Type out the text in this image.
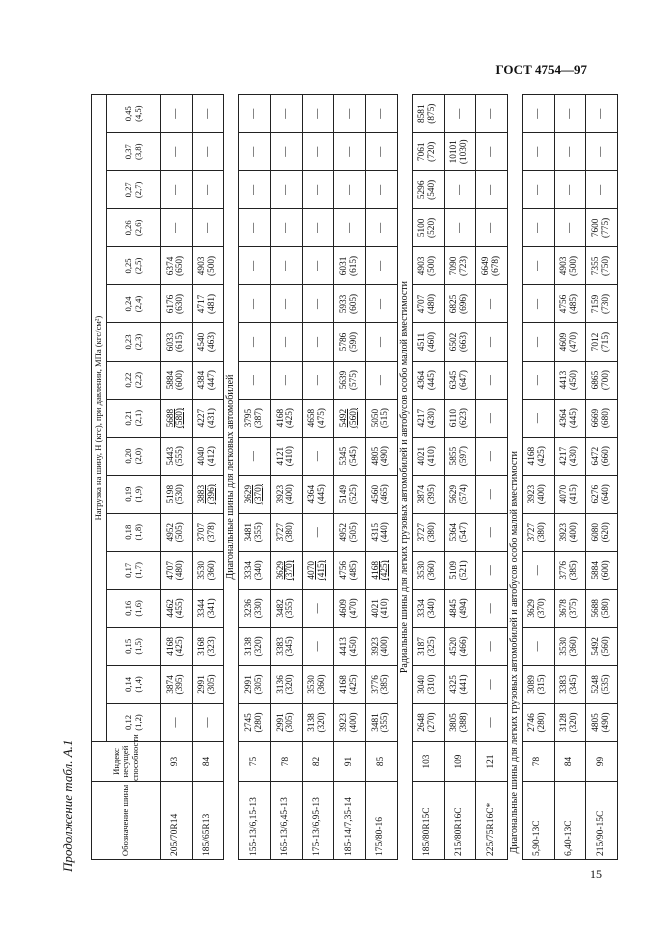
ГОСТ 4754—97
Продолжение табл. А.1	Обозначение шины	Индекс несущей способности	Нагрузка на шину, Н (кгс), при давлении, МПа (кгс/см²)																

		0,12 (1,2)	0,14 (1,4)	0,15 (1,5)	0,16 (1,6)	0,17 (1,7)	0,18 (1,8)	0,19 (1,9)	0,20 (2,0)	0,21 (2,1)	0,22 (2,2)	0,23 (2,3)	0,24 (2,4)	0,25 (2,5)	0,26 (2,6)	0,27 (2,7)	0,37 (3,8)	0,45 (4,5)

205/70R14	93	—	3874 (395)	4168 (425)	4462 (455)	4707 (480)	4952 (505)	5198 (530)	5443 (555)	5688 (580)	5884 (600)	6033 (615)	6176 (630)	6374 (650)	—	—	—	—
185/65R13	84	—	2991 (305)	3168 (323)	3344 (341)	3530 (360)	3707 (378)	3883 (396)	4040 (412)	4227 (431)	4384 (447)	4540 (463)	4717 (481)	4903 (500)	—	—	—	—
Диагональные шины для легковых автомобилей																		
155-13/6,15-13	75	2745 (280)	2991 (305)	3138 (320)	3236 (330)	3334 (340)	3481 (355)	3629 (370)	—	3795 (387)	—	—	—	—	—	—	—	—
165-13/6,45-13	78	2991 (305)	3136 (320)	3383 (345)	3482 (355)	3629 (370)	3727 (380)	3923 (400)	4121 (410)	4168 (425)	—	—	—	—	—	—	—	—
175-13/6,95-13	82	3138 (320)	3530 (360)	—	—	4070 (415)	—	4364 (445)	—	4658 (475)	—	—	—	—	—	—	—	—
185-14/7,35-14	91	3923 (400)	4168 (425)	4413 (450)	4609 (470)	4756 (485)	4952 (505)	5149 (525)	5345 (545)	5492 (560)	5639 (575)	5786 (590)	5933 (605)	6031 (615)	—	—	—	—
175/80-16	85	3481 (355)	3776 (385)	3923 (400)	4021 (410)	4168 (425)	4315 (440)	4560 (465)	4805 (490)	5050 (515)	—	—	—	—	—	—	—	—
Радиальные шины для легких грузовых автомобилей и автобусов особо малой вместимости																		
185/80R15C	103	2648 (270)	3040 (310)	3187 (325)	3334 (340)	3530 (360)	3727 (380)	3874 (395)	4021 (410)	4217 (430)	4364 (445)	4511 (460)	4707 (480)	4903 (500)	5100 (520)	5296 (540)	7061 (720)	8581 (875)

215/80R16C	109	3805 (388)	4325 (441)	4520 (466)	4845 (494)	5109 (521)	5364 (547)	5629 (574)	5855 (597)	6110 (623)	6345 (647)	6502 (663)	6825 (696)	7090 (723)	—	—	10101 (1030)	—
225/75R16C*	121	—	—	—	—	—	—	—	—	—	—	—	—	6649 (678)	—	—	—	—
Диагональные шины для легких грузовых автомобилей и автобусов особо малой вместимости																		
5,90-13C	78	2746 (280)	3089 (315)	—	3629 (370)	—	3727 (380)	3923 (400)	4168 (425)	—	—	—	—	—	—	—	—	—
6,40-13C	84	3128 (320)	3383 (345)	3530 (360)	3678 (375)	3776 (385)	3923 (400)	4070 (415)	4217 (430)	4364 (445)	4413 (450)	4609 (470)	4756 (485)	4903 (500)	—	—	—	—
215/90-15C	99	4805 (490)	5248 (535)	5492 (560)	5688 (580)	5884 (600)	6080 (620)	6276 (640)	6472 (660)	6669 (680)	6865 (700)	7012 (715)	7159 (730)	7355 (750)	7600 (775)	—	—	—
15
